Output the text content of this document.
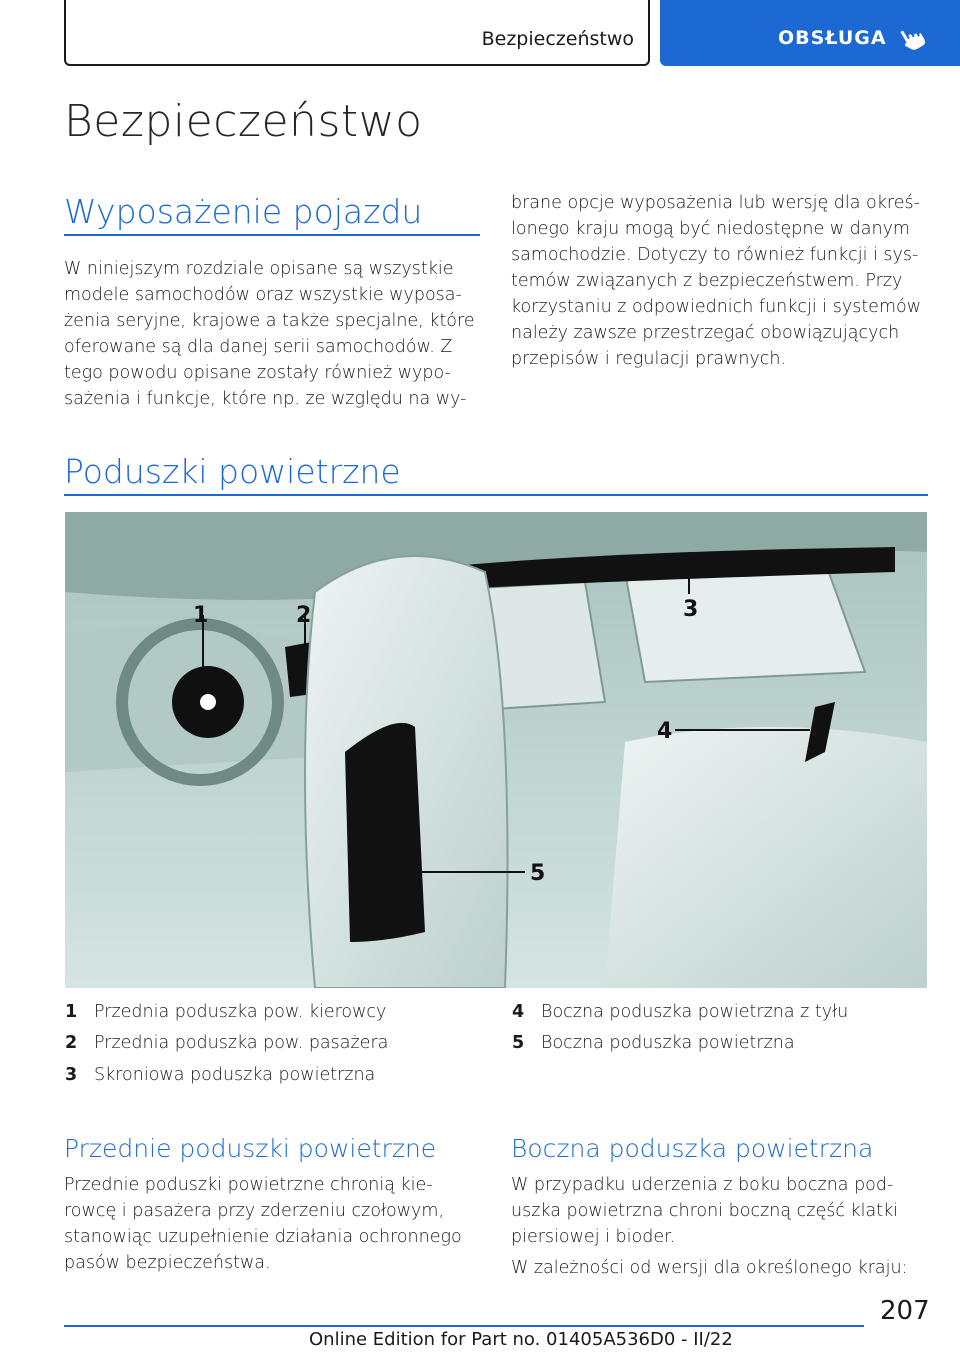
Bezpieczeństwo	OBSŁUGA
Bezpieczeństwo
Wyposażenie pojazdu
W niniejszym rozdziale opisane są wszystkie
modele samochodów oraz wszystkie wyposa-
żenia seryjne, krajowe a także specjalne, które
oferowane są dla danej serii samochodów. Z
tego powodu opisane zostały również wypo-
sażenia i funkcje, które np. ze względu na wy-
brane opcje wyposażenia lub wersję dla okreś-
lonego kraju mogą być niedostępne w danym
samochodzie. Dotyczy to również funkcji i sys-
temów związanych z bezpieczeństwem. Przy
korzystaniu z odpowiednich funkcji i systemów
należy zawsze przestrzegać obowiązujących
przepisów i regulacji prawnych.
Poduszki powietrzne
1	2	3
4
5
1 Przednia poduszka pow. kierowcy
2 Przednia poduszka pow. pasażera
3 Skroniowa poduszka powietrzna
4 Boczna poduszka powietrzna z tyłu
5 Boczna poduszka powietrzna
Przednie poduszki powietrzne
Przednie poduszki powietrzne chronią kie-
rowcę i pasażera przy zderzeniu czołowym,
stanowiąc uzupełnienie działania ochronnego
pasów bezpieczeństwa.
Boczna poduszka powietrzna
W przypadku uderzenia z boku boczna pod-
uszka powietrzna chroni boczną część klatki
piersiowej i bioder.
W zależności od wersji dla określonego kraju:
207
Online Edition for Part no. 01405A536D0 - II/22
